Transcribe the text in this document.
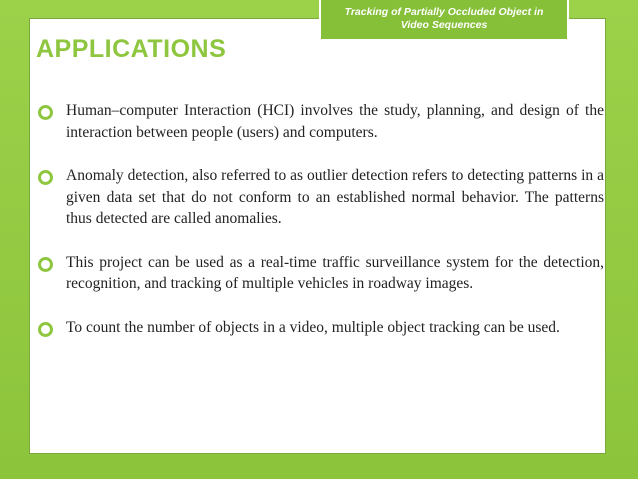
Tracking of Partially Occluded Object in
Video Sequences
APPLICATIONS
Human–computer Interaction (HCI) involves the study, planning, and design of the interaction between people (users) and computers.
Anomaly detection, also referred to as outlier detection refers to detecting patterns in a given data set that do not conform to an established normal behavior. The patterns thus detected are called anomalies.
This project can be used as a real-time traffic surveillance system for the detection, recognition, and tracking of multiple vehicles in roadway images.
To count the number of objects in a video, multiple object tracking can be used.
